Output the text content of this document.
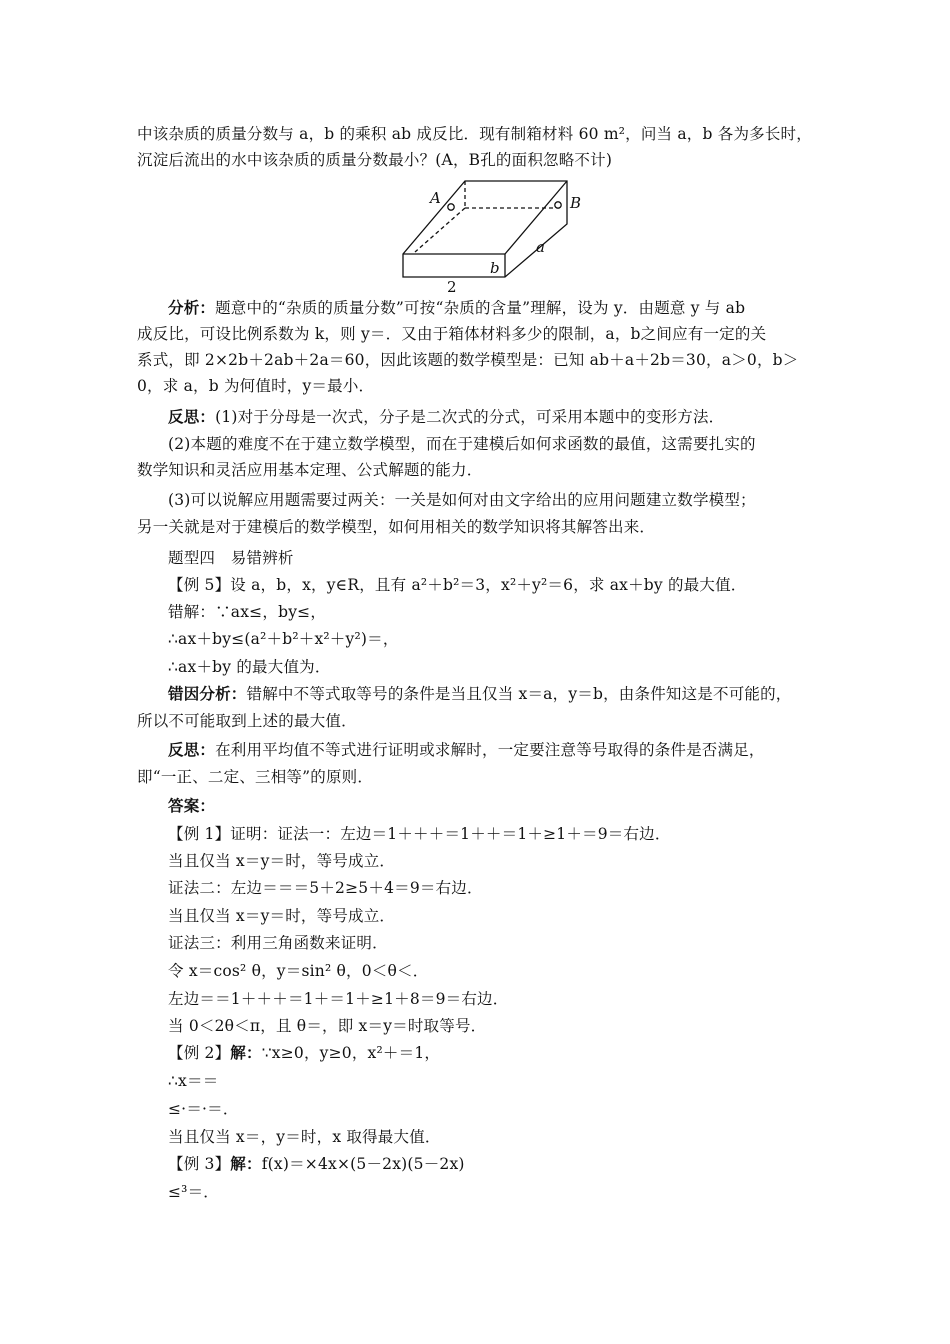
中该杂质的质量分数与 a，b 的乘积 ab 成反比．现有制箱材料 60 m²，问当 a，b 各为多长时，
沉淀后流出的水中该杂质的质量分数最小？(A，B孔的面积忽略不计)
A	B
a
b
2
分析：题意中的“杂质的质量分数”可按“杂质的含量”理解，设为 y．由题意 y 与 ab
成反比，可设比例系数为 k，则 y＝．又由于箱体材料多少的限制，a，b之间应有一定的关
系式，即 2×2b＋2ab＋2a＝60，因此该题的数学模型是：已知 ab＋a＋2b＝30，a＞0，b＞
0，求 a，b 为何值时，y＝最小．
反思：(1)对于分母是一次式，分子是二次式的分式，可采用本题中的变形方法．
(2)本题的难度不在于建立数学模型，而在于建模后如何求函数的最值，这需要扎实的
数学知识和灵活应用基本定理、公式解题的能力．
(3)可以说解应用题需要过两关：一关是如何对由文字给出的应用问题建立数学模型；
另一关就是对于建模后的数学模型，如何用相关的数学知识将其解答出来．
题型四　易错辨析
【例 5】设 a，b，x，y∈R，且有 a²＋b²＝3，x²＋y²＝6，求 ax＋by 的最大值．
错解：∵ax≤，by≤，
∴ax＋by≤(a²＋b²＋x²＋y²)＝，
∴ax＋by 的最大值为．
错因分析：错解中不等式取等号的条件是当且仅当 x＝a，y＝b，由条件知这是不可能的，
所以不可能取到上述的最大值．
反思：在利用平均值不等式进行证明或求解时，一定要注意等号取得的条件是否满足，
即“一正、二定、三相等”的原则．
答案：
【例 1】证明：证法一：左边＝1＋＋＋＝1＋＋＝1＋≥1＋＝9＝右边．
当且仅当 x＝y＝时，等号成立．
证法二：左边＝＝＝5＋2≥5＋4＝9＝右边．
当且仅当 x＝y＝时，等号成立．
证法三：利用三角函数来证明．
令 x＝cos² θ，y＝sin² θ，0＜θ＜．
左边＝＝1＋＋＋＝1＋＝1＋≥1＋8＝9＝右边．
当 0＜2θ＜π，且 θ＝，即 x＝y＝时取等号．
【例 2】解：∵x≥0，y≥0，x²＋＝1，
∴x＝＝
≤·＝·＝．
当且仅当 x＝，y＝时，x 取得最大值．
【例 3】解：f(x)＝×4x×(5－2x)(5－2x)
≤³＝．
